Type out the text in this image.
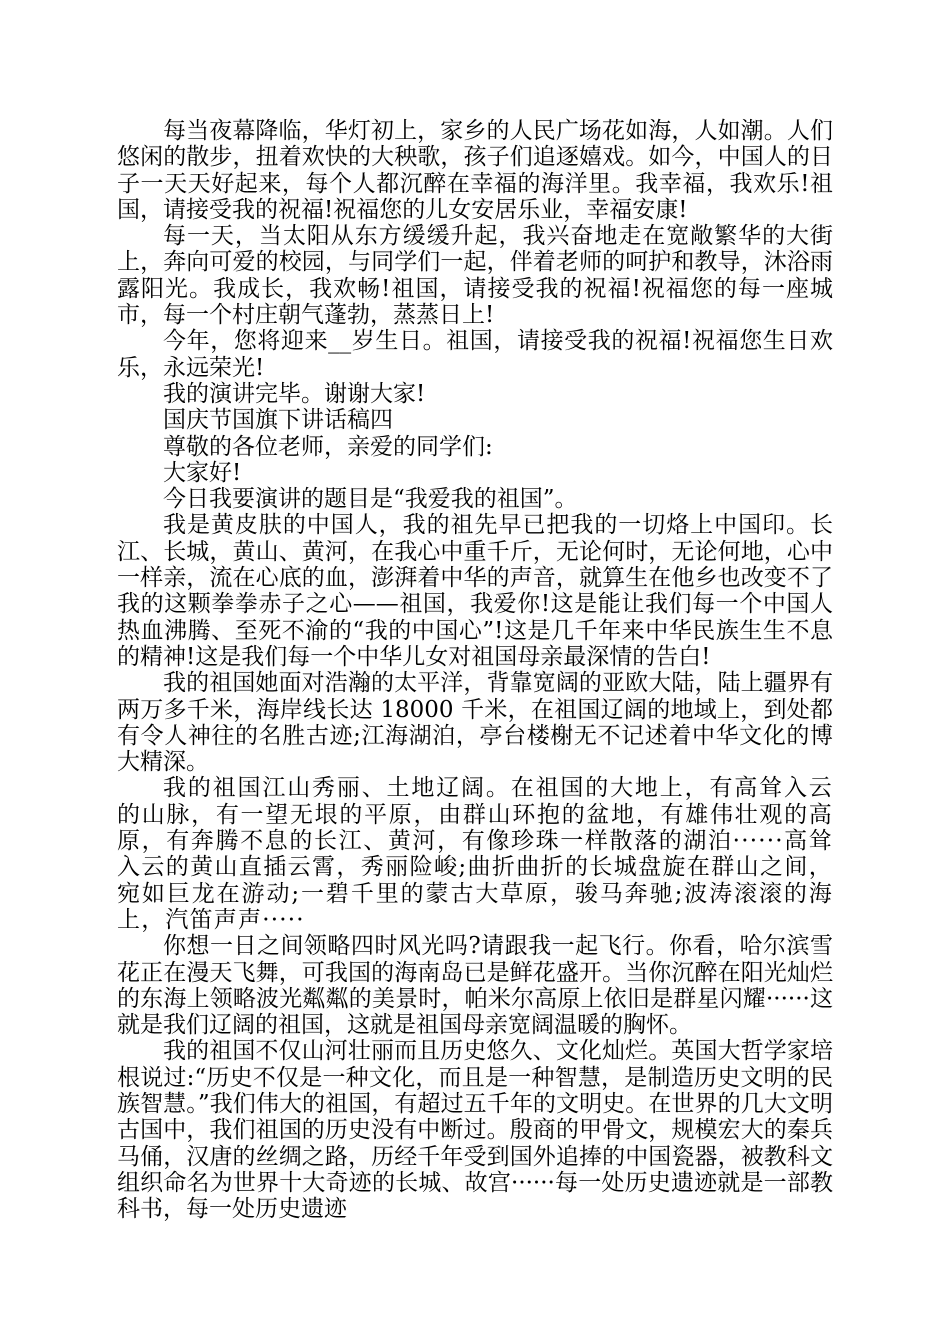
每当夜幕降临，华灯初上，家乡的人民广场花如海，人如潮。人们悠闲的散步，扭着欢快的大秧歌，孩子们追逐嬉戏。如今，中国人的日子一天天好起来，每个人都沉醉在幸福的海洋里。我幸福，我欢乐!祖国，请接受我的祝福!祝福您的儿女安居乐业，幸福安康!

每一天，当太阳从东方缓缓升起，我兴奋地走在宽敞繁华的大街上，奔向可爱的校园，与同学们一起，伴着老师的呵护和教导，沐浴雨露阳光。我成长，我欢畅!祖国，请接受我的祝福!祝福您的每一座城市，每一个村庄朝气蓬勃，蒸蒸日上!

今年，您将迎来__岁生日。祖国，请接受我的祝福!祝福您生日欢乐，永远荣光!

我的演讲完毕。谢谢大家!

国庆节国旗下讲话稿四

尊敬的各位老师，亲爱的同学们:

大家好!

今日我要演讲的题目是“我爱我的祖国”。

我是黄皮肤的中国人，我的祖先早已把我的一切烙上中国印。长江、长城，黄山、黄河，在我心中重千斤，无论何时，无论何地，心中一样亲，流在心底的血，澎湃着中华的声音，就算生在他乡也改变不了我的这颗拳拳赤子之心——祖国，我爱你!这是能让我们每一个中国人热血沸腾、至死不渝的“我的中国心”!这是几千年来中华民族生生不息的精神!这是我们每一个中华儿女对祖国母亲最深情的告白!

我的祖国她面对浩瀚的太平洋，背靠宽阔的亚欧大陆，陆上疆界有两万多千米，海岸线长达 18000 千米，在祖国辽阔的地域上，到处都有令人神往的名胜古迹;江海湖泊，亭台楼榭无不记述着中华文化的博大精深。

我的祖国江山秀丽、土地辽阔。在祖国的大地上，有高耸入云的山脉，有一望无垠的平原，由群山环抱的盆地，有雄伟壮观的高原，有奔腾不息的长江、黄河，有像珍珠一样散落的湖泊······高耸入云的黄山直插云霄，秀丽险峻;曲折曲折的长城盘旋在群山之间，宛如巨龙在游动;一碧千里的蒙古大草原，骏马奔驰;波涛滚滚的海上，汽笛声声·····

你想一日之间领略四时风光吗?请跟我一起飞行。你看，哈尔滨雪花正在漫天飞舞，可我国的海南岛已是鲜花盛开。当你沉醉在阳光灿烂的东海上领略波光粼粼的美景时，帕米尔高原上依旧是群星闪耀······这就是我们辽阔的祖国，这就是祖国母亲宽阔温暖的胸怀。

我的祖国不仅山河壮丽而且历史悠久、文化灿烂。英国大哲学家培根说过:“历史不仅是一种文化，而且是一种智慧，是制造历史文明的民族智慧。”我们伟大的祖国，有超过五千年的文明史。在世界的几大文明古国中，我们祖国的历史没有中断过。殷商的甲骨文，规模宏大的秦兵马俑，汉唐的丝绸之路，历经千年受到国外追捧的中国瓷器，被教科文组织命名为世界十大奇迹的长城、故宫······每一处历史遗迹就是一部教科书，每一处历史遗迹
